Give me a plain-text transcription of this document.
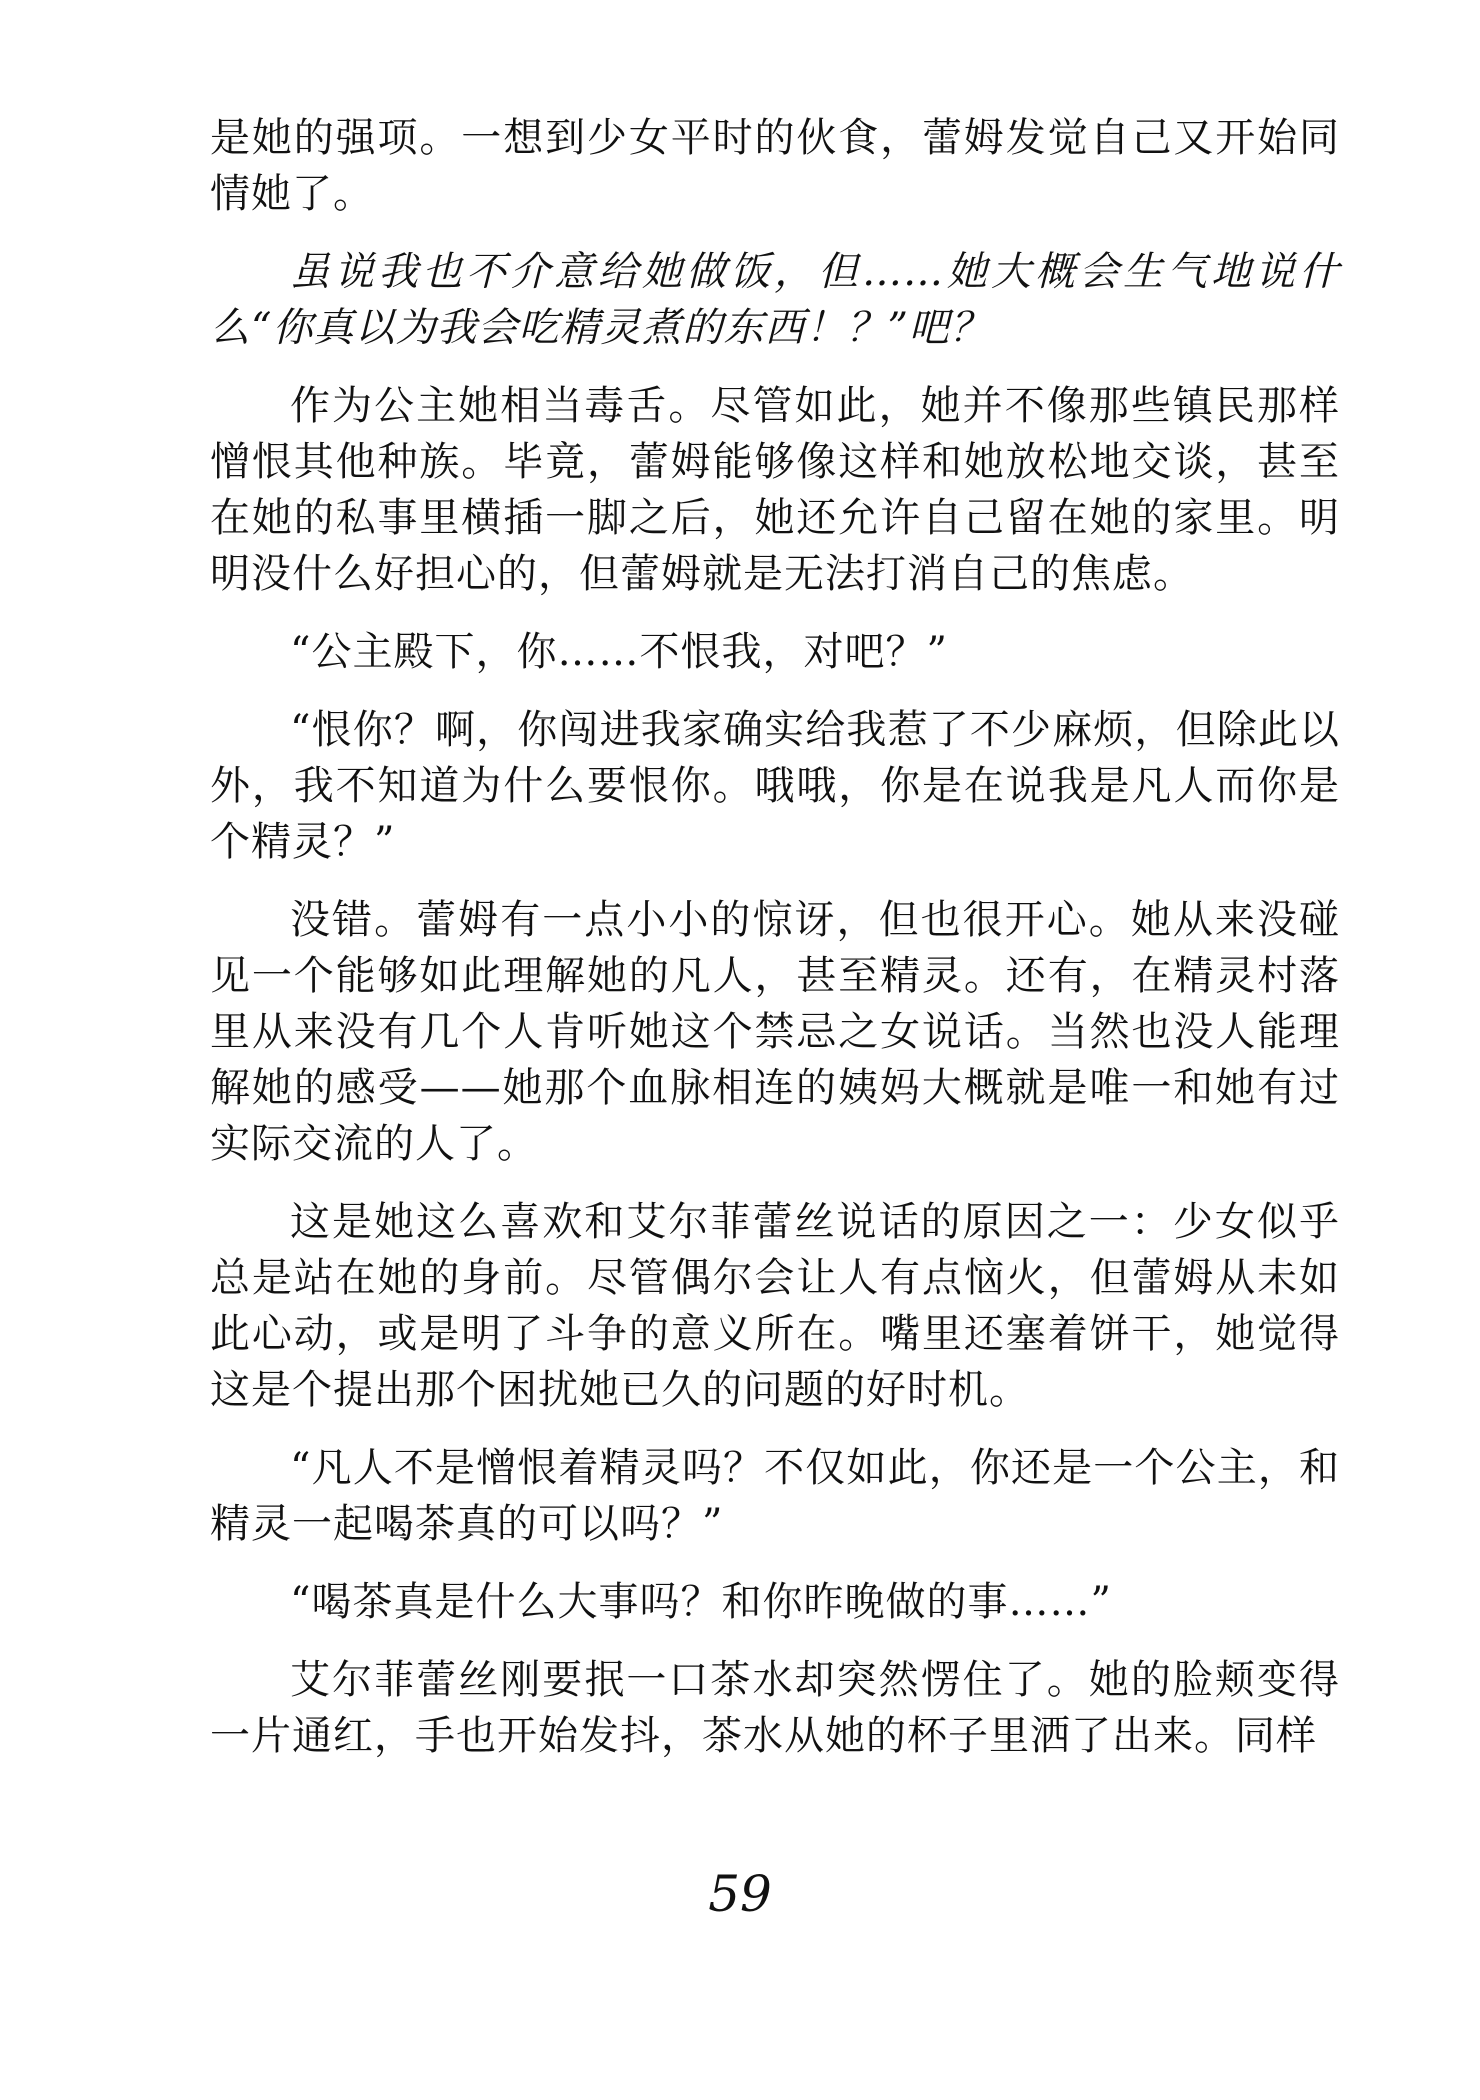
是她的强项。一想到少女平时的伙食，蕾姆发觉自己又开始同情她了。

虽说我也不介意给她做饭，但……她大概会生气地说什么“你真以为我会吃精灵煮的东西！？”吧？

作为公主她相当毒舌。尽管如此，她并不像那些镇民那样憎恨其他种族。毕竟，蕾姆能够像这样和她放松地交谈，甚至在她的私事里横插一脚之后，她还允许自己留在她的家里。明明没什么好担心的，但蕾姆就是无法打消自己的焦虑。

“公主殿下，你……不恨我，对吧？”

“恨你？啊，你闯进我家确实给我惹了不少麻烦，但除此以外，我不知道为什么要恨你。哦哦，你是在说我是凡人而你是个精灵？”

没错。蕾姆有一点小小的惊讶，但也很开心。她从来没碰见一个能够如此理解她的凡人，甚至精灵。还有，在精灵村落里从来没有几个人肯听她这个禁忌之女说话。当然也没人能理解她的感受——她那个血脉相连的姨妈大概就是唯一和她有过实际交流的人了。

这是她这么喜欢和艾尔菲蕾丝说话的原因之一：少女似乎总是站在她的身前。尽管偶尔会让人有点恼火，但蕾姆从未如此心动，或是明了斗争的意义所在。嘴里还塞着饼干，她觉得这是个提出那个困扰她已久的问题的好时机。

“凡人不是憎恨着精灵吗？不仅如此，你还是一个公主，和精灵一起喝茶真的可以吗？”

“喝茶真是什么大事吗？和你昨晚做的事……”

艾尔菲蕾丝刚要抿一口茶水却突然愣住了。她的脸颊变得一片通红，手也开始发抖，茶水从她的杯子里洒了出来。同样

59
